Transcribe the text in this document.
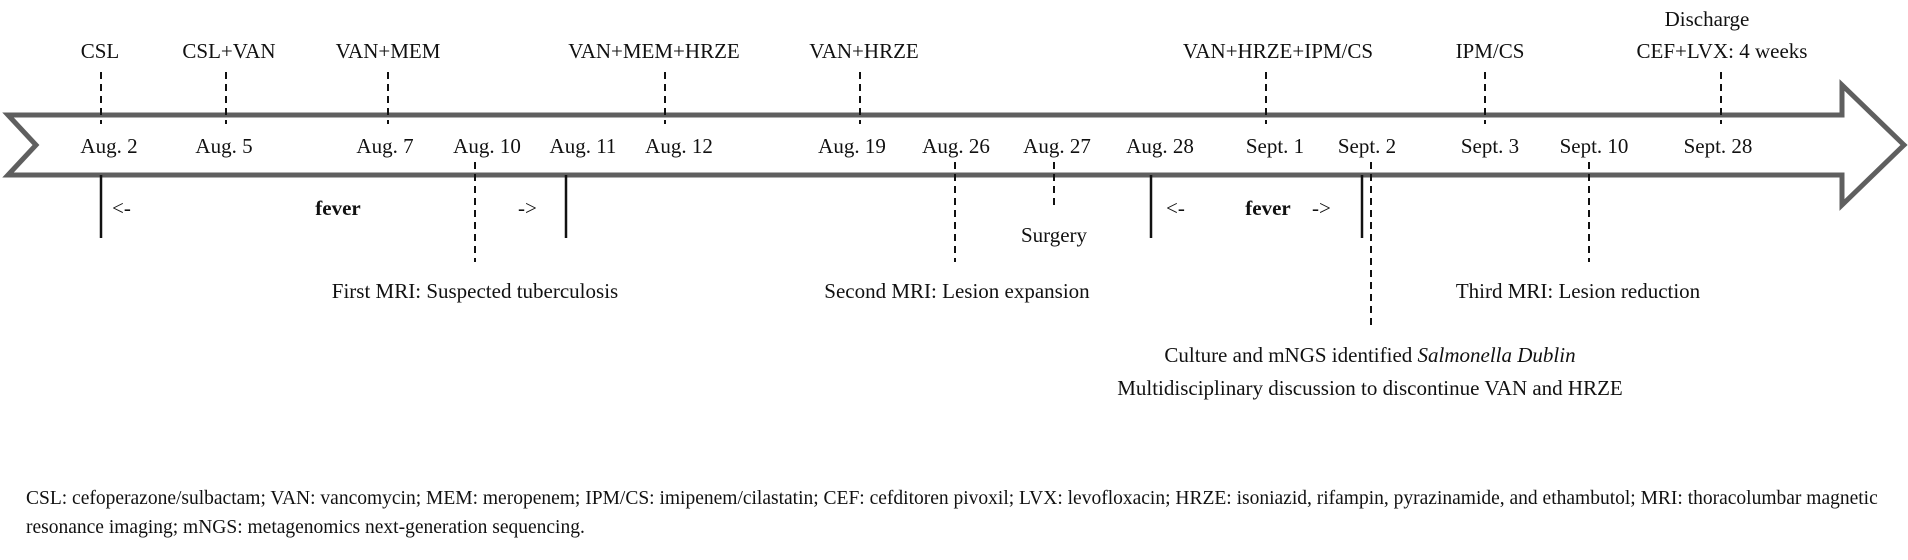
CSL	CSL+VAN	VAN+MEM	VAN+MEM+HRZE	VAN+HRZE	VAN+HRZE+IPM/CS	IPM/CS
Discharge
CEF+LVX: 4 weeks
Aug. 2	Aug. 5	Aug. 7 Aug. 10 Aug. 11 Aug. 12	Aug. 19 Aug. 26 Aug. 27 Aug. 28 Sept. 1 Sept. 2	Sept. 3 Sept. 10	Sept. 28
<-	fever	->	<-	fever ->
Surgery
First MRI: Suspected tuberculosis	Second MRI: Lesion expansion	Third MRI: Lesion reduction
Culture and mNGS identified Salmonella Dublin
Multidisciplinary discussion to discontinue VAN and HRZE
CSL: cefoperazone/sulbactam; VAN: vancomycin; MEM: meropenem; IPM/CS: imipenem/cilastatin; CEF: cefditoren pivoxil; LVX: levofloxacin; HRZE: isoniazid, rifampin, pyrazinamide, and ethambutol; MRI: thoracolumbar magnetic resonance imaging; mNGS: metagenomics next-generation sequencing.
